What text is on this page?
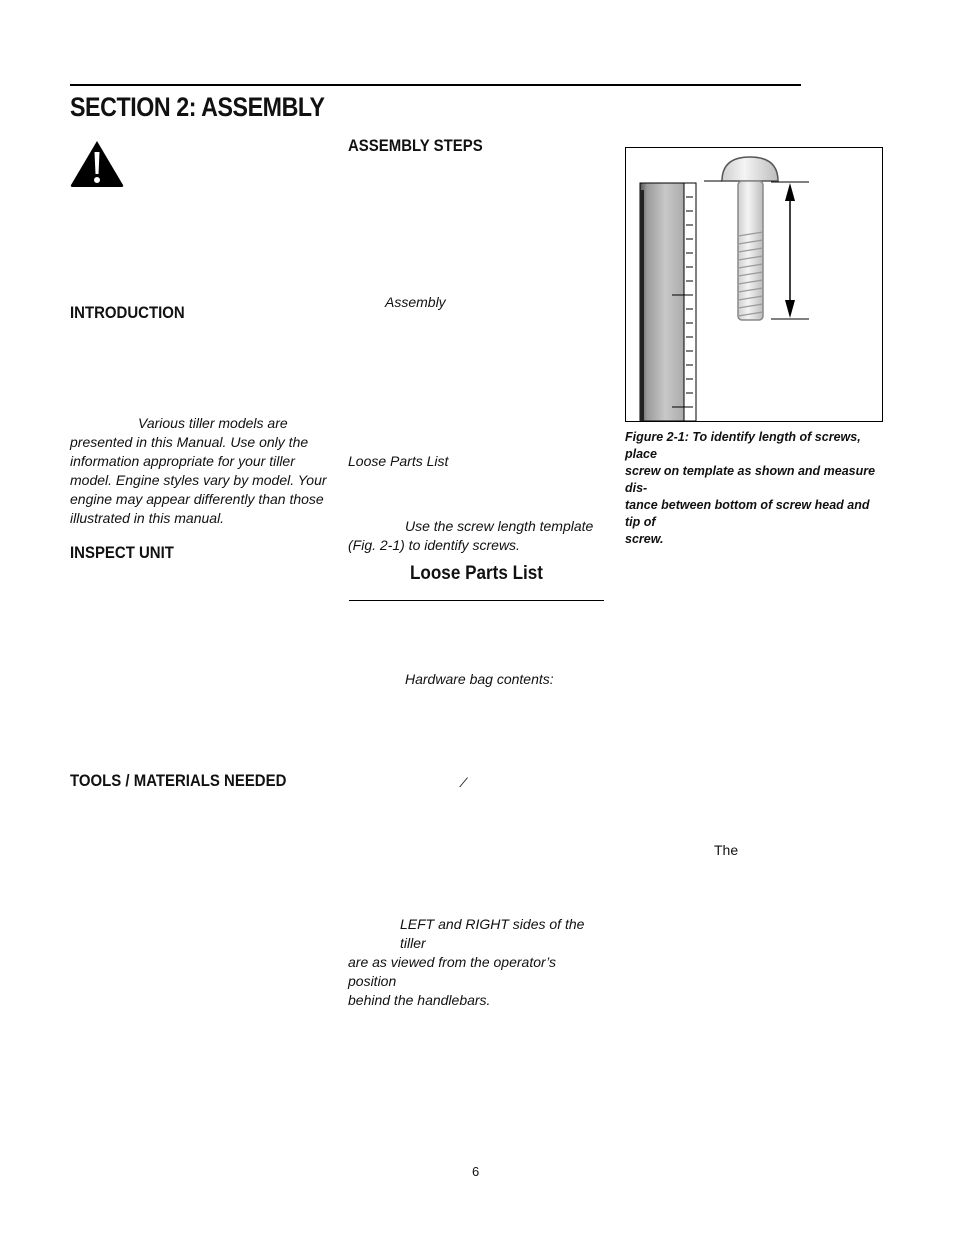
SECTION 2: ASSEMBLY
INTRODUCTION
Various tiller models are
presented in this Manual. Use only the
information appropriate for your tiller
model. Engine styles vary by model. Your
engine may appear differently than those
illustrated in this manual.
INSPECT UNIT
TOOLS / MATERIALS NEEDED
ASSEMBLY STEPS
Assembly
Loose Parts List
Use the screw length template
(Fig. 2-1) to identify screws.
Loose Parts List
Hardware bag contents:
⁄
LEFT and RIGHT sides of the tiller
are as viewed from the operator’s position
behind the handlebars.
Figure 2-1: To identify length of screws, place
screw on template as shown and measure dis-
tance between bottom of screw head and tip of
screw.
The
6
